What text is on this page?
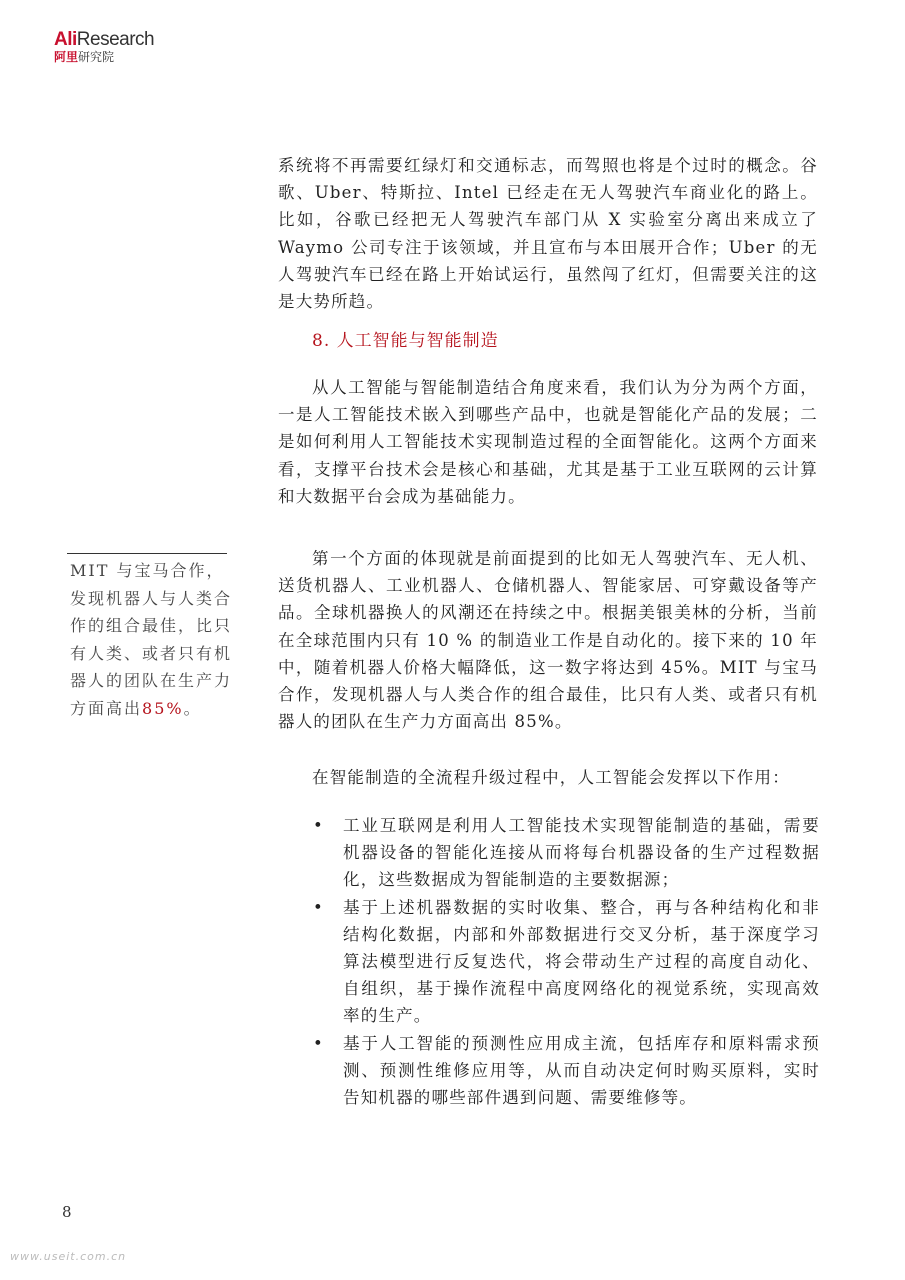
AliResearch
阿里研究院

系统将不再需要红绿灯和交通标志，而驾照也将是个过时的概念。谷歌、Uber、特斯拉、Intel 已经走在无人驾驶汽车商业化的路上。比如，谷歌已经把无人驾驶汽车部门从 X 实验室分离出来成立了 Waymo 公司专注于该领域，并且宣布与本田展开合作；Uber 的无人驾驶汽车已经在路上开始试运行，虽然闯了红灯，但需要关注的这是大势所趋。

8. 人工智能与智能制造

从人工智能与智能制造结合角度来看，我们认为分为两个方面，一是人工智能技术嵌入到哪些产品中，也就是智能化产品的发展；二是如何利用人工智能技术实现制造过程的全面智能化。这两个方面来看，支撑平台技术会是核心和基础，尤其是基于工业互联网的云计算和大数据平台会成为基础能力。

MIT 与宝马合作，发现机器人与人类合作的组合最佳，比只有人类、或者只有机器人的团队在生产力方面高出85%。

第一个方面的体现就是前面提到的比如无人驾驶汽车、无人机、送货机器人、工业机器人、仓储机器人、智能家居、可穿戴设备等产品。全球机器换人的风潮还在持续之中。根据美银美林的分析，当前在全球范围内只有 10 % 的制造业工作是自动化的。接下来的 10 年中，随着机器人价格大幅降低，这一数字将达到 45%。MIT 与宝马合作，发现机器人与人类合作的组合最佳，比只有人类、或者只有机器人的团队在生产力方面高出 85%。

在智能制造的全流程升级过程中，人工智能会发挥以下作用：

• 工业互联网是利用人工智能技术实现智能制造的基础，需要机器设备的智能化连接从而将每台机器设备的生产过程数据化，这些数据成为智能制造的主要数据源；
• 基于上述机器数据的实时收集、整合，再与各种结构化和非结构化数据，内部和外部数据进行交叉分析，基于深度学习算法模型进行反复迭代，将会带动生产过程的高度自动化、自组织，基于操作流程中高度网络化的视觉系统，实现高效率的生产。
• 基于人工智能的预测性应用成主流，包括库存和原料需求预测、预测性维修应用等，从而自动决定何时购买原料，实时告知机器的哪些部件遇到问题、需要维修等。
8
www.useit.com.cn
